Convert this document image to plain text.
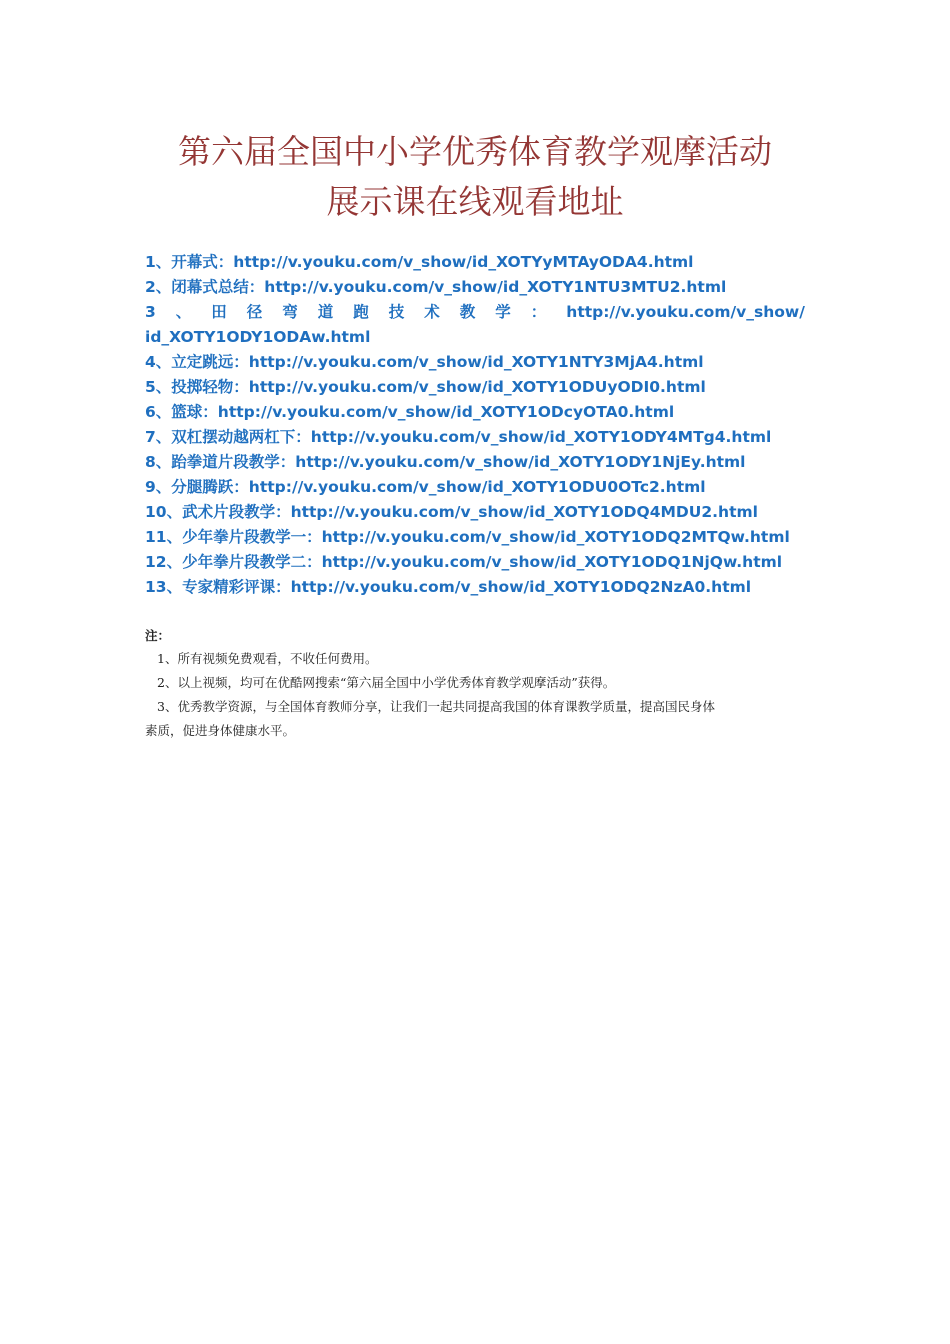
第六届全国中小学优秀体育教学观摩活动
展示课在线观看地址
1、开幕式：http://v.youku.com/v_show/id_XOTYyMTAyODA4.html
2、闭幕式总结：http://v.youku.com/v_show/id_XOTY1NTU3MTU2.html
3 、 田 径 弯 道 跑 技 术 教 学 ： http://v.youku.com/v_show/
id_XOTY1ODY1ODAw.html
4、立定跳远：http://v.youku.com/v_show/id_XOTY1NTY3MjA4.html
5、投掷轻物：http://v.youku.com/v_show/id_XOTY1ODUyODI0.html
6、篮球：http://v.youku.com/v_show/id_XOTY1ODcyOTA0.html
7、双杠摆动越两杠下：http://v.youku.com/v_show/id_XOTY1ODY4MTg4.html
8、跆拳道片段教学：http://v.youku.com/v_show/id_XOTY1ODY1NjEy.html
9、分腿腾跃：http://v.youku.com/v_show/id_XOTY1ODU0OTc2.html
10、武术片段教学：http://v.youku.com/v_show/id_XOTY1ODQ4MDU2.html
11、少年拳片段教学一：http://v.youku.com/v_show/id_XOTY1ODQ2MTQw.html
12、少年拳片段教学二：http://v.youku.com/v_show/id_XOTY1ODQ1NjQw.html
13、专家精彩评课：http://v.youku.com/v_show/id_XOTY1ODQ2NzA0.html
注：
1、所有视频免费观看，不收任何费用。
2、以上视频，均可在优酷网搜索“第六届全国中小学优秀体育教学观摩活动”获得。
3、优秀教学资源，与全国体育教师分享，让我们一起共同提高我国的体育课教学质量，提高国民身体
素质，促进身体健康水平。
